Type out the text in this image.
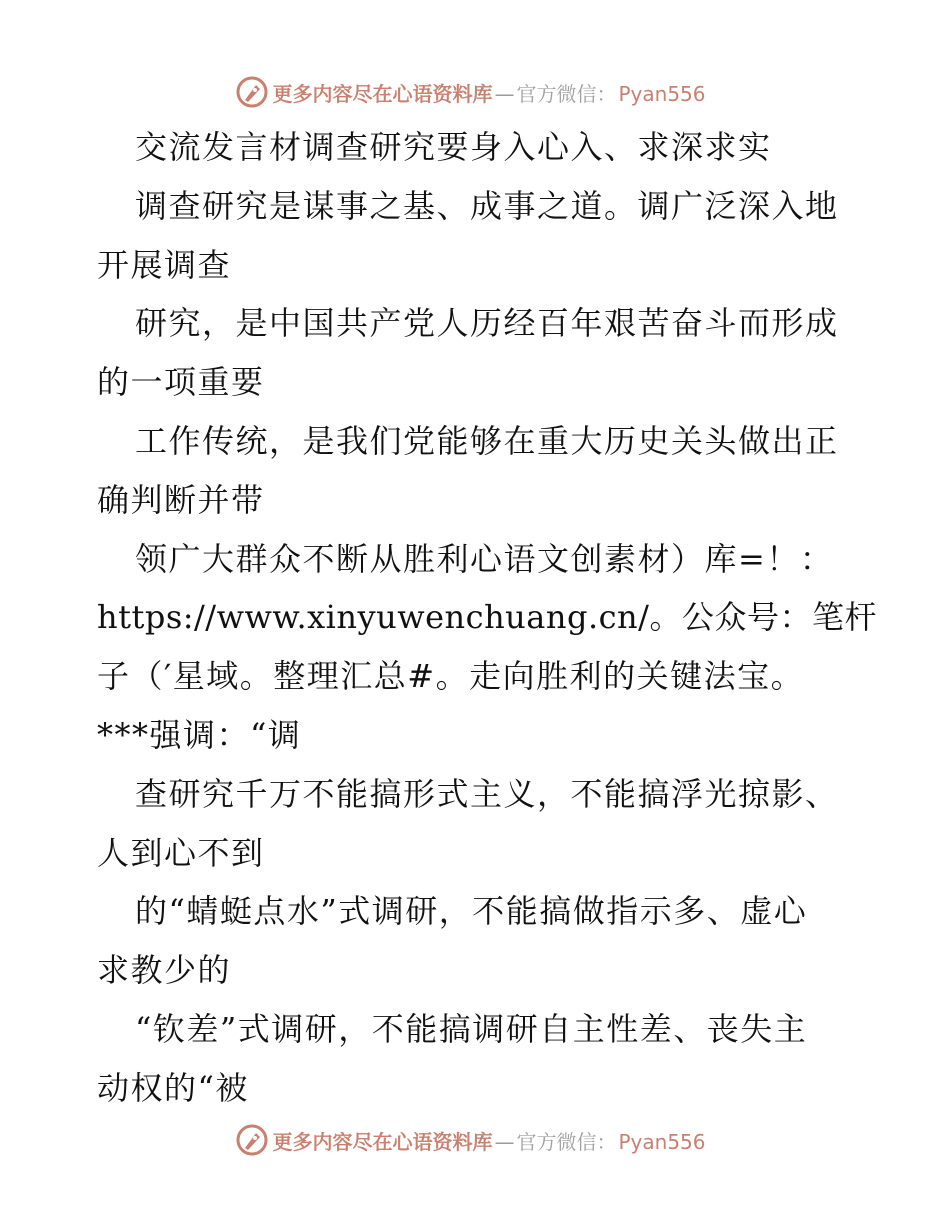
更多内容尽在心语资料库 — 官方微信： Pyan556
交流发言材调查研究要身入心入、求深求实
调查研究是谋事之基、成事之道。调广泛深入地
开展调查
研究，是中国共产党人历经百年艰苦奋斗而形成
的一项重要
工作传统，是我们党能够在重大历史关头做出正
确判断并带
领广大群众不断从胜利心语文创素材）库=！：
https://www.xinyuwenchuang.cn/。公众号：笔杆
子（′星域。整理汇总#。走向胜利的关键法宝。
***强调：“调
查研究千万不能搞形式主义，不能搞浮光掠影、
人到心不到
的“蜻蜓点水”式调研，不能搞做指示多、虚心
求教少的
“钦差”式调研，不能搞调研自主性差、丧失主
动权的“被
更多内容尽在心语资料库 — 官方微信： Pyan556
